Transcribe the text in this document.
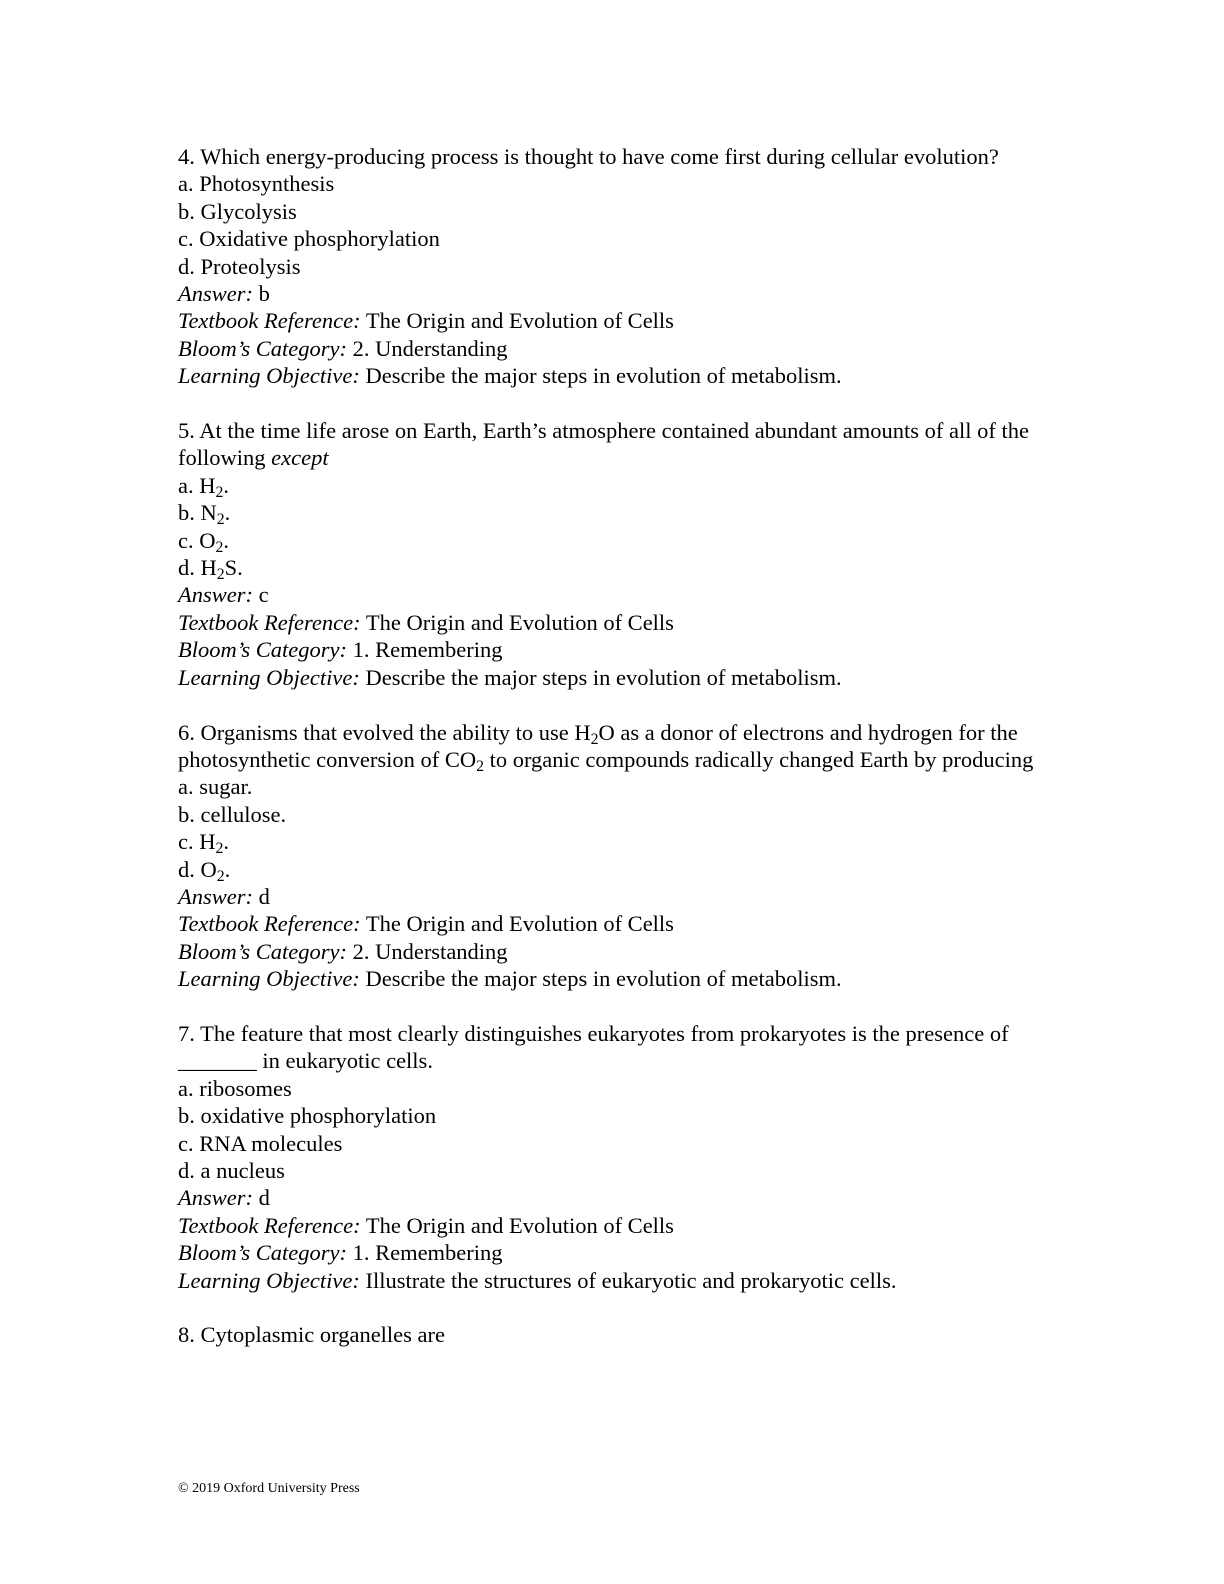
4. Which energy-producing process is thought to have come first during cellular evolution?
a. Photosynthesis
b. Glycolysis
c. Oxidative phosphorylation
d. Proteolysis
Answer: b
Textbook Reference: The Origin and Evolution of Cells
Bloom’s Category: 2. Understanding
Learning Objective: Describe the major steps in evolution of metabolism.
5. At the time life arose on Earth, Earth’s atmosphere contained abundant amounts of all of the following except
a. $H_2$.
b. $N_2$.
c. $O_2$.
d. $H_2S$.
Answer: c
Textbook Reference: The Origin and Evolution of Cells
Bloom’s Category: 1. Remembering
Learning Objective: Describe the major steps in evolution of metabolism.
6. Organisms that evolved the ability to use $H_2O$ as a donor of electrons and hydrogen for the photosynthetic conversion of $CO_2$ to organic compounds radically changed Earth by producing
a. sugar.
b. cellulose.
c. $H_2$.
d. $O_2$.
Answer: d
Textbook Reference: The Origin and Evolution of Cells
Bloom’s Category: 2. Understanding
Learning Objective: Describe the major steps in evolution of metabolism.
7. The feature that most clearly distinguishes eukaryotes from prokaryotes is the presence of _______ in eukaryotic cells.
a. ribosomes
b. oxidative phosphorylation
c. RNA molecules
d. a nucleus
Answer: d
Textbook Reference: The Origin and Evolution of Cells
Bloom’s Category: 1. Remembering
Learning Objective: Illustrate the structures of eukaryotic and prokaryotic cells.
8. Cytoplasmic organelles are
© 2019 Oxford University Press
